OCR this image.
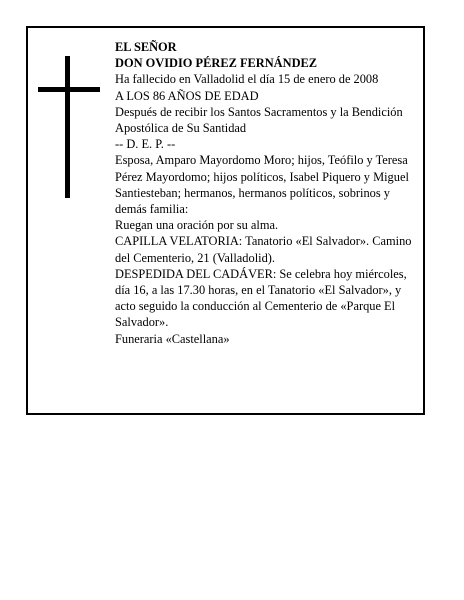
EL SEÑOR

DON OVIDIO PÉREZ FERNÁNDEZ

Ha fallecido en Valladolid el día 15 de enero de 2008

A LOS 86 AÑOS DE EDAD

Después de recibir los Santos Sacramentos y la Bendición Apostólica de Su Santidad

-- D. E. P. --

Esposa, Amparo Mayordomo Moro; hijos, Teófilo y Teresa Pérez Mayordomo; hijos políticos, Isabel Piquero y Miguel Santiesteban; hermanos, hermanos políticos, sobrinos y demás familia:

Ruegan una oración por su alma.

CAPILLA VELATORIA: Tanatorio «El Salvador». Camino del Cementerio, 21 (Valladolid).

DESPEDIDA DEL CADÁVER: Se celebra hoy miércoles, día 16, a las 17.30 horas, en el Tanatorio «El Salvador», y acto seguido la conducción al Cementerio de «Parque El Salvador».

Funeraria «Castellana»
